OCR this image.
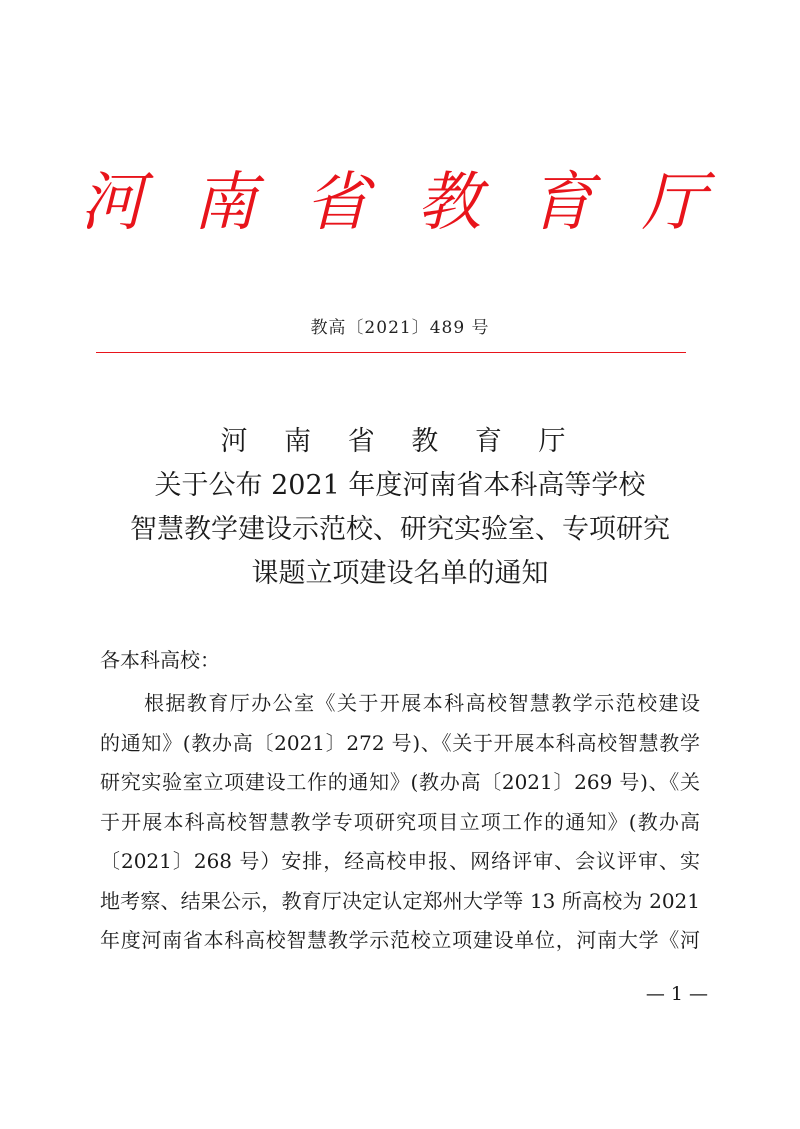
河 南 省 教 育 厅
教高〔2021〕489 号
河 南 省 教 育 厅
关于公布 2021 年度河南省本科高等学校
智慧教学建设示范校、研究实验室、专项研究
课题立项建设名单的通知
各本科高校：
根据教育厅办公室《关于开展本科高校智慧教学示范校建设
的通知》(教办高〔2021〕272 号)、《关于开展本科高校智慧教学
研究实验室立项建设工作的通知》(教办高〔2021〕269 号)、《关
于开展本科高校智慧教学专项研究项目立项工作的通知》(教办高
〔2021〕268 号）安排，经高校申报、网络评审、会议评审、实
地考察、结果公示，教育厅决定认定郑州大学等 13 所高校为 2021
年度河南省本科高校智慧教学示范校立项建设单位，河南大学《河
— 1 —
